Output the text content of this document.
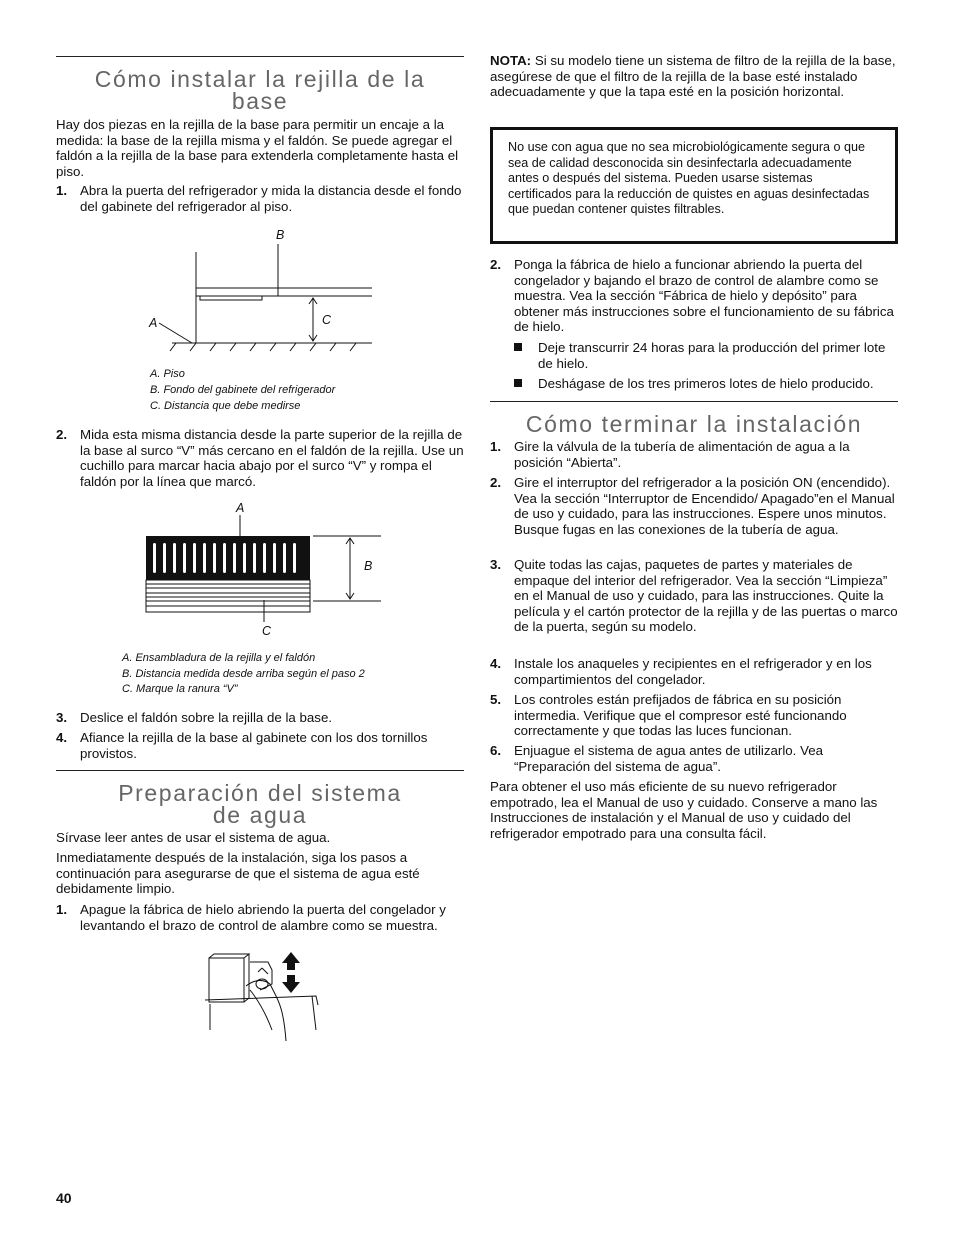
Cómo instalar la rejilla de la base

Hay dos piezas en la rejilla de la base para permitir un encaje a la medida: la base de la rejilla misma y el faldón. Se puede agregar el faldón a la rejilla de la base para extenderla completamente hasta el piso.

1. Abra la puerta del refrigerador y mida la distancia desde el fondo del gabinete del refrigerador al piso.
B
A	C
A. Piso
B. Fondo del gabinete del refrigerador
C. Distancia que debe medirse
2. Mida esta misma distancia desde la parte superior de la rejilla de la base al surco “V” más cercano en el faldón de la rejilla. Use un cuchillo para marcar hacia abajo por el surco “V” y rompa el faldón por la línea que marcó.
A
B
C
A. Ensambladura de la rejilla y el faldón
B. Distancia medida desde arriba según el paso 2
C. Marque la ranura “V”
3. Deslice el faldón sobre la rejilla de la base.
4. Afiance la rejilla de la base al gabinete con los dos tornillos provistos.
Preparación del sistema de agua

Sírvase leer antes de usar el sistema de agua.

Inmediatamente después de la instalación, siga los pasos a continuación para asegurarse de que el sistema de agua esté debidamente limpio.

1. Apague la fábrica de hielo abriendo la puerta del congelador y levantando el brazo de control de alambre como se muestra.
40

NOTA: Si su modelo tiene un sistema de filtro de la rejilla de la base, asegúrese de que el filtro de la rejilla de la base esté instalado adecuadamente y que la tapa esté en la posición horizontal.

No use con agua que no sea microbiológicamente segura o que sea de calidad desconocida sin desinfectarla adecuadamente antes o después del sistema. Pueden usarse sistemas certificados para la reducción de quistes en aguas desinfectadas que puedan contener quistes filtrables.
2. Ponga la fábrica de hielo a funcionar abriendo la puerta del congelador y bajando el brazo de control de alambre como se muestra. Vea la sección “Fábrica de hielo y depósito” para obtener más instrucciones sobre el funcionamiento de su fábrica de hielo.
Deje transcurrir 24 horas para la producción del primer lote de hielo.
Deshágase de los tres primeros lotes de hielo producido.
Cómo terminar la instalación
1. Gire la válvula de la tubería de alimentación de agua a la posición “Abierta”.
2. Gire el interruptor del refrigerador a la posición ON (encendido). Vea la sección “Interruptor de Encendido/ Apagado”en el Manual de uso y cuidado, para las instrucciones. Espere unos minutos. Busque fugas en las conexiones de la tubería de agua.
3. Quite todas las cajas, paquetes de partes y materiales de empaque del interior del refrigerador. Vea la sección “Limpieza” en el Manual de uso y cuidado, para las instrucciones. Quite la película y el cartón protector de la rejilla y de las puertas o marco de la puerta, según su modelo.
4. Instale los anaqueles y recipientes en el refrigerador y en los compartimientos del congelador.
5. Los controles están prefijados de fábrica en su posición intermedia. Verifique que el compresor esté funcionando correctamente y que todas las luces funcionan.
6. Enjuague el sistema de agua antes de utilizarlo. Vea “Preparación del sistema de agua”.

Para obtener el uso más eficiente de su nuevo refrigerador empotrado, lea el Manual de uso y cuidado. Conserve a mano las Instrucciones de instalación y el Manual de uso y cuidado del refrigerador empotrado para una consulta fácil.
